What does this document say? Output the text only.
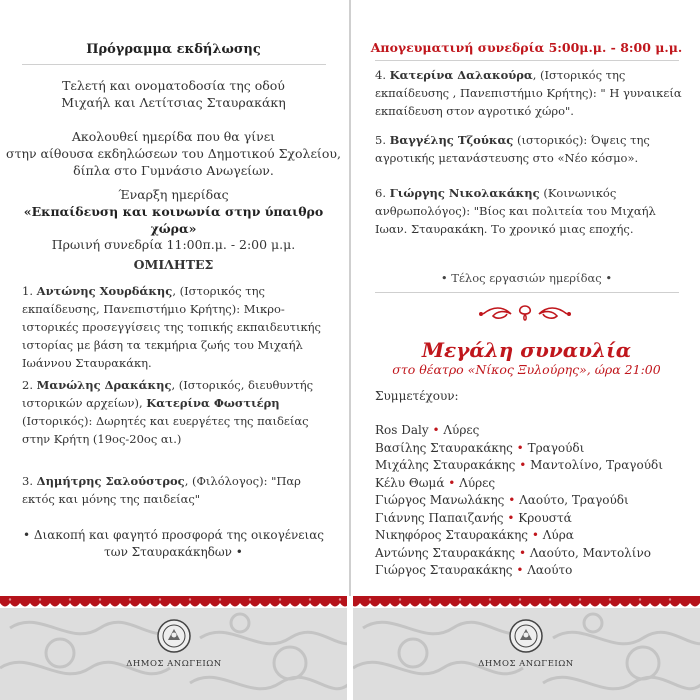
Πρόγραμμα εκδήλωσης
Τελετή και ονοματοδοσία της οδού
Μιχαήλ και Λετίτσιας Σταυρακάκη
Ακολουθεί ημερίδα που θα γίνει
στην αίθουσα εκδηλώσεων του Δημοτικού Σχολείου,
δίπλα στο Γυμνάσιο Ανωγείων.
Έναρξη ημερίδας
«Εκπαίδευση και κοινωνία στην ύπαιθρο χώρα»
Πρωινή συνεδρία 11:00π.μ. - 2:00 μ.μ.
ΟΜΙΛΗΤΕΣ
1. Αντώνης Χουρδάκης, (Ιστορικός της εκπαίδευσης, Πανεπιστήμιο Κρήτης): Μικρο-ιστορικές προσεγγίσεις της τοπικής εκπαιδευτικής ιστορίας με βάση τα τεκμήρια ζωής του Μιχαήλ Ιωάννου Σταυρακάκη.
2. Μανώλης Δρακάκης, (Ιστορικός, διευθυντής ιστορικών αρχείων), Κατερίνα Φωστιέρη (Ιστορικός): Δωρητές και ευεργέτες της παιδείας στην Κρήτη (19ος-20ος αι.)
3. Δημήτρης Σαλούστρος, (Φιλόλογος): "Παρ εκτός και μόνης της παιδείας"
• Διακοπή και φαγητό προσφορά της οικογένειας
των Σταυρακάκηδων •
Απογευματινή συνεδρία 5:00μ.μ. - 8:00 μ.μ.
4. Κατερίνα Δαλακούρα, (Ιστορικός της εκπαίδευσης , Πανεπιστήμιο Κρήτης): " Η γυναικεία εκπαίδευση στον αγροτικό χώρο".
5. Βαγγέλης Τζούκας (ιστορικός): Όψεις της αγροτικής μετανάστευσης στο «Νέο κόσμο».
6. Γιώργης Νικολακάκης (Κοινωνικός ανθρωπολόγος): "Βίος και πολιτεία του Μιχαήλ Ιωαν. Σταυρακάκη. Το χρονικό μιας εποχής.
• Τέλος εργασιών ημερίδας •
Μεγάλη συναυλία
στο θέατρο «Νίκος Ξυλούρης», ώρα 21:00
Συμμετέχουν:
Ros Daly • Λύρες
Βασίλης Σταυρακάκης • Τραγούδι
Μιχάλης Σταυρακάκης • Μαντολίνο, Τραγούδι
Κέλυ Θωμά • Λύρες
Γιώργος Μανωλάκης • Λαούτο, Τραγούδι
Γιάννης Παπαιζανής • Κρουστά
Νικηφόρος Σταυρακάκης • Λύρα
Αντώνης Σταυρακάκης • Λαούτο, Μαντολίνο
Γιώργος Σταυρακάκης • Λαούτο
ΔΗΜΟΣ ΑΝΩΓΕΙΩΝ	ΔΗΜΟΣ ΑΝΩΓΕΙΩΝ
